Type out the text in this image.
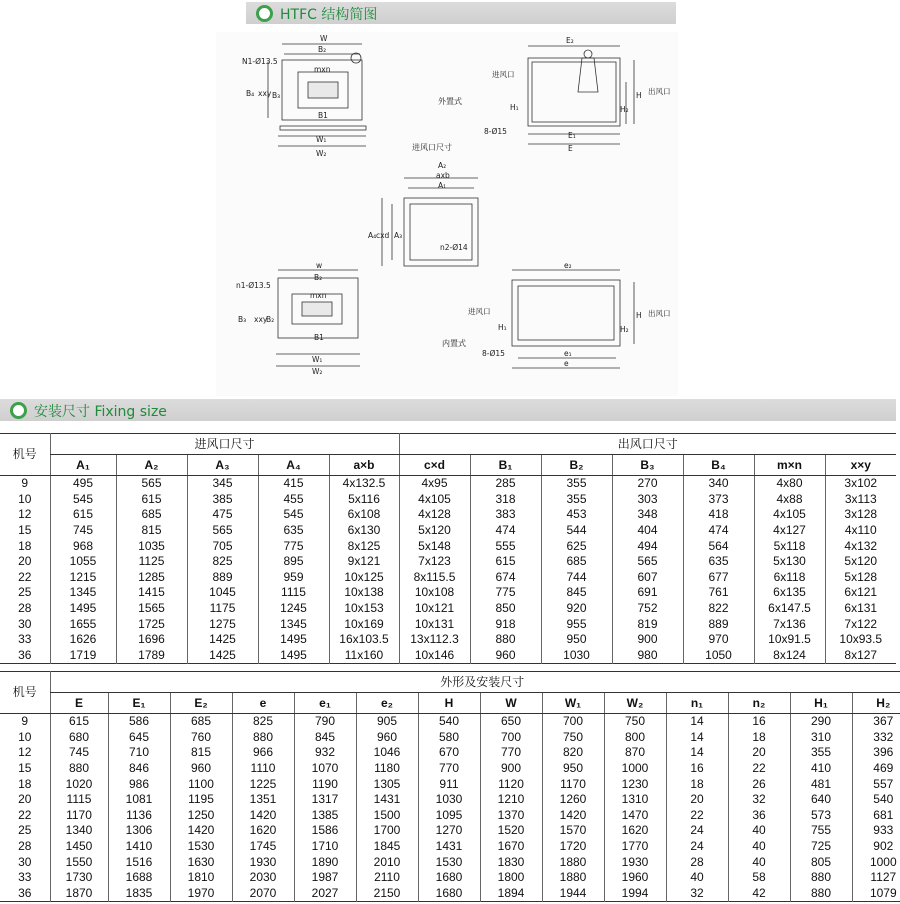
HTFC 结构简图
W
B₂
N1-Ø13.5
mxn
B₄ xxy B₃
B1
W₁
W₂
E₂
进风口
H₁	H₂
H 出风口
8-Ø15	E₁
E
外置式
进风口尺寸
A₂
axb
A₁
A₄ cxd A₃
n2-Ø14
w
B₂
n1-Ø13.5
mxn
B₃ xxy
B₂
B1
W₁
W₂
e₂
进风口
H₁	H₂
H 出风口
8-Ø15	e₁
e
内置式
安装尺寸 Fixing size
机号	进风口尺寸					出风口尺寸						
	A₁	A₂	A₃	A₄	a×b	c×d	B₁	B₂	B₃	B₄	m×n	x×y
9	495	565	345	415	4x132.5	4x95	285	355	270	340	4x80	3x102
10	545	615	385	455	5x116	4x105	318	355	303	373	4x88	3x113
12	615	685	475	545	6x108	4x128	383	453	348	418	4x105	3x128
15	745	815	565	635	6x130	5x120	474	544	404	474	4x127	4x110
18	968	1035	705	775	8x125	5x148	555	625	494	564	5x118	4x132
20	1055	1125	825	895	9x121	7x123	615	685	565	635	5x130	5x120
22	1215	1285	889	959	10x125	8x115.5	674	744	607	677	6x118	5x128
25	1345	1415	1045	1115	10x138	10x108	775	845	691	761	6x135	6x121
28	1495	1565	1175	1245	10x153	10x121	850	920	752	822	6x147.5	6x131
30	1655	1725	1275	1345	10x169	10x131	918	955	819	889	7x136	7x122
33	1626	1696	1425	1495	16x103.5	13x112.3	880	950	900	970	10x91.5	10x93.5
36	1719	1789	1425	1495	11x160	10x146	960	1030	980	1050	8x124	8x127
机号	外形及安装尺寸													
	E	E₁	E₂	e	e₁	e₂	H	W	W₁	W₂	n₁	n₂	H₁	H₂
9	615	586	685	825	790	905	540	650	700	750	14	16	290	367
10	680	645	760	880	845	960	580	700	750	800	14	18	310	332
12	745	710	815	966	932	1046	670	770	820	870	14	20	355	396
15	880	846	960	1110	1070	1180	770	900	950	1000	16	22	410	469
18	1020	986	1100	1225	1190	1305	911	1120	1170	1230	18	26	481	557
20	1115	1081	1195	1351	1317	1431	1030	1210	1260	1310	20	32	640	540
22	1170	1136	1250	1420	1385	1500	1095	1370	1420	1470	22	36	573	681
25	1340	1306	1420	1620	1586	1700	1270	1520	1570	1620	24	40	755	933
28	1450	1410	1530	1745	1710	1845	1431	1670	1720	1770	24	40	725	902
30	1550	1516	1630	1930	1890	2010	1530	1830	1880	1930	28	40	805	1000
33	1730	1688	1810	2030	1987	2110	1680	1800	1880	1960	40	58	880	1127
36	1870	1835	1970	2070	2027	2150	1680	1894	1944	1994	32	42	880	1079
